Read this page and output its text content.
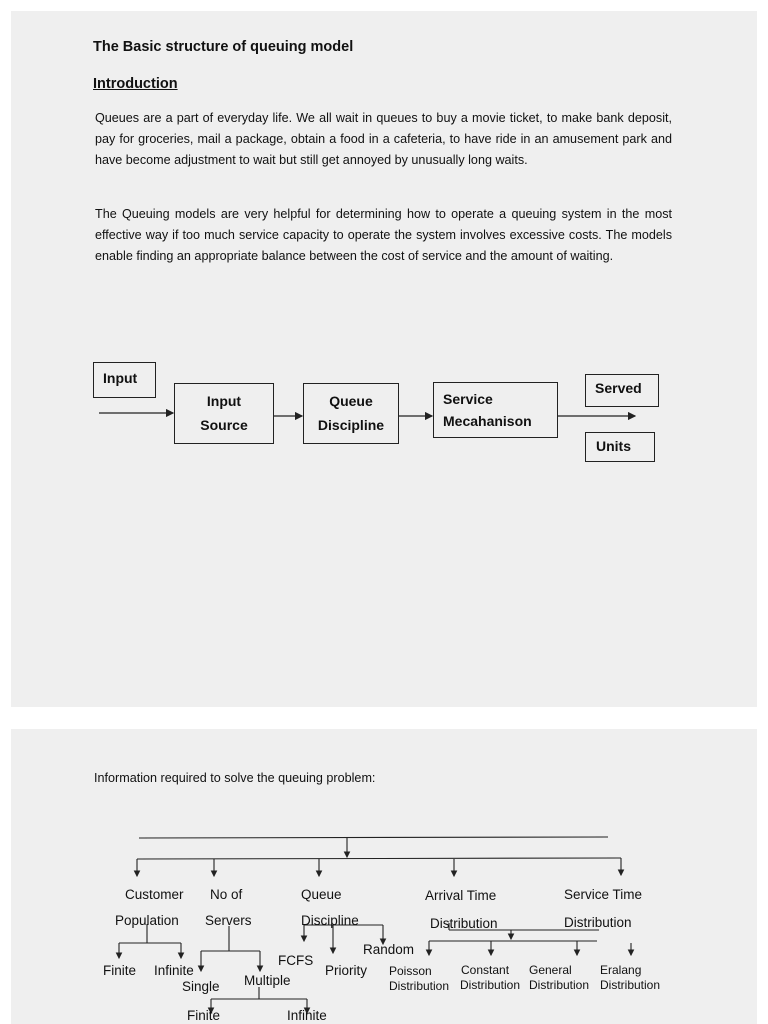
The Basic structure of queuing model
Introduction

Queues are a part of everyday life. We all wait in queues to buy a movie ticket, to make bank deposit, pay for groceries, mail a package, obtain a food in a cafeteria, to have ride in an amusement park and have become adjustment to wait but still get annoyed by unusually long waits.

The Queuing models are very helpful for determining how to operate a queuing system in the most effective way if too much service capacity to operate the system involves excessive costs. The models enable finding an appropriate balance between the cost of service and the amount of waiting.

Input
Input
Source
Queue
Discipline
Service
Mecahanison
Served
Units
Information required to solve the queuing problem:
Customer
Population
No of
Servers
Queue
Discipline
Arrival Time
Distribution
Service Time
Distribution
Finite Infinite
Single Multiple
Finite	Infinite
FCFS
Priority
Random
Poisson
Distribution
Constant
Distribution
General
Distribution
Eralang
Distribution
